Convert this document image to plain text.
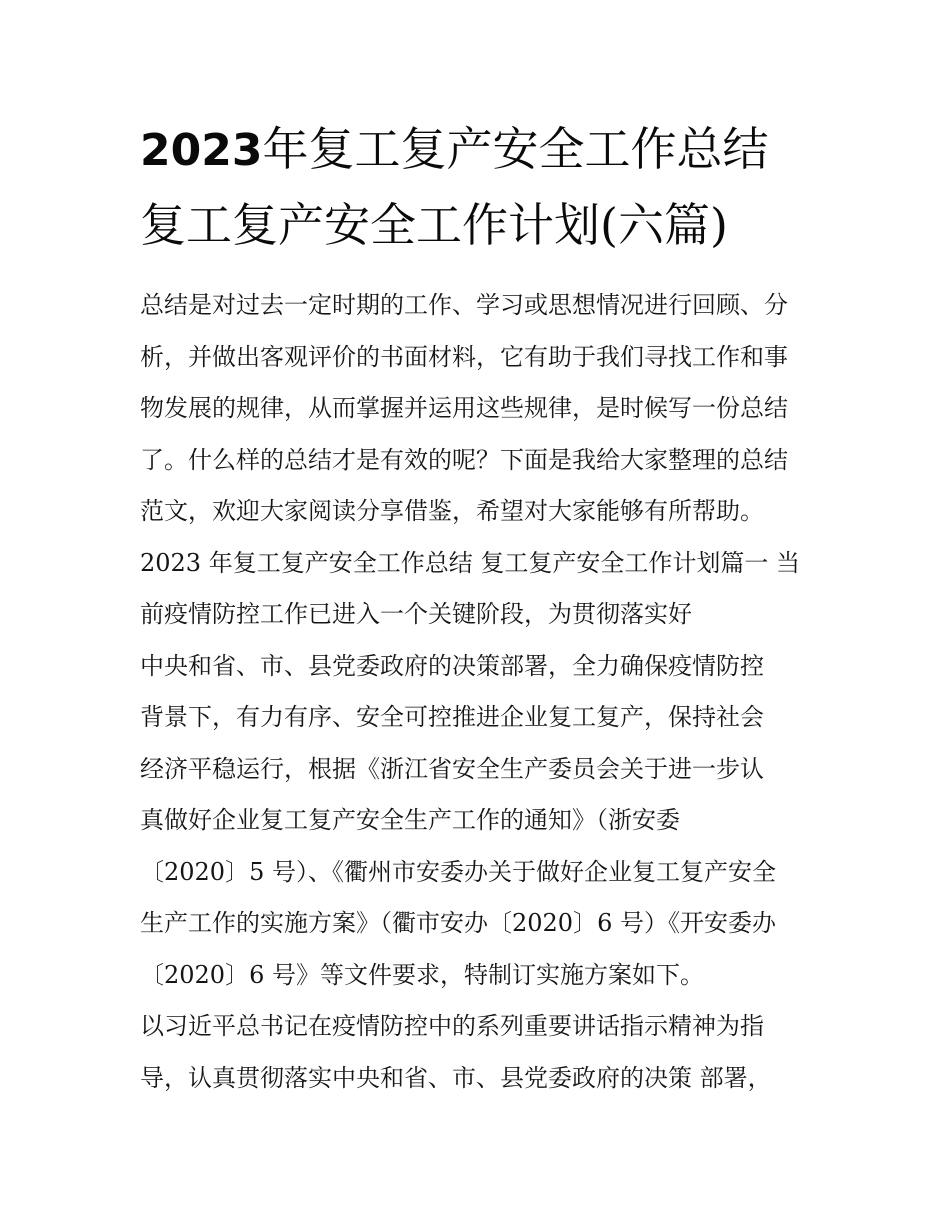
2023年复工复产安全工作总结
复工复产安全工作计划(六篇)
总结是对过去一定时期的工作、学习或思想情况进行回顾、分
析，并做出客观评价的书面材料，它有助于我们寻找工作和事
物发展的规律，从而掌握并运用这些规律，是时候写一份总结
了。什么样的总结才是有效的呢？下面是我给大家整理的总结
范文，欢迎大家阅读分享借鉴，希望对大家能够有所帮助。
2023 年复工复产安全工作总结 复工复产安全工作计划篇一 当
前疫情防控工作已进入一个关键阶段，为贯彻落实好
中央和省、市、县党委政府的决策部署，全力确保疫情防控
背景下，有力有序、安全可控推进企业复工复产，保持社会
经济平稳运行，根据《浙江省安全生产委员会关于进一步认
真做好企业复工复产安全生产工作的通知》（浙安委
〔2020〕5 号）、《衢州市安委办关于做好企业复工复产安全
生产工作的实施方案》（衢市安办〔2020〕6 号）《开安委办
〔2020〕6 号》等文件要求，特制订实施方案如下。
以习近平总书记在疫情防控中的系列重要讲话指示精神为指
导，认真贯彻落实中央和省、市、县党委政府的决策 部署，
